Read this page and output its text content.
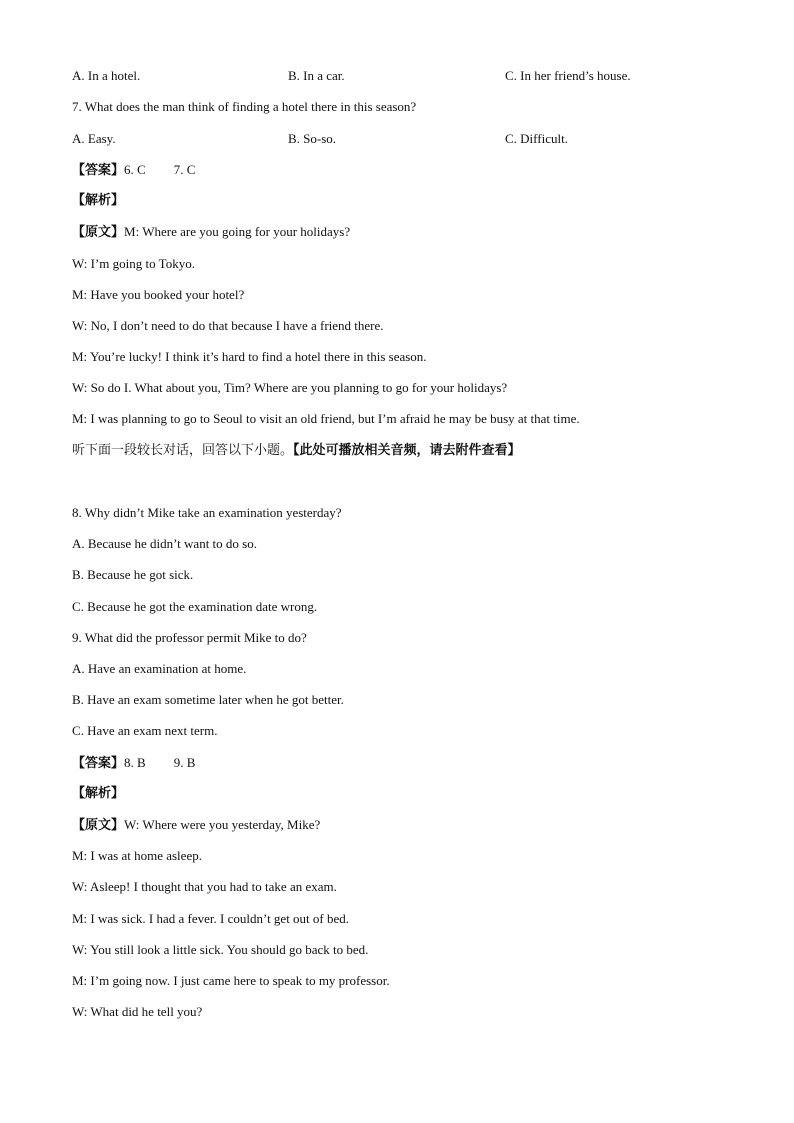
A. In a hotel.	B. In a car.	C. In her friend’s house.
7. What does the man think of finding a hotel there in this season?
A. Easy.	B. So-so.	C. Difficult.
【答案】6. C 7. C
【解析】
【原文】M: Where are you going for your holidays?
W: I’m going to Tokyo.
M: Have you booked your hotel?
W: No, I don’t need to do that because I have a friend there.
M: You’re lucky! I think it’s hard to find a hotel there in this season.
W: So do I. What about you, Tim? Where are you planning to go for your holidays?
M: I was planning to go to Seoul to visit an old friend, but I’m afraid he may be busy at that time.
听下面一段较长对话，回答以下小题。【此处可播放相关音频，请去附件查看】
8. Why didn’t Mike take an examination yesterday?
A. Because he didn’t want to do so.
B. Because he got sick.
C. Because he got the examination date wrong.
9. What did the professor permit Mike to do?
A. Have an examination at home.
B. Have an exam sometime later when he got better.
C. Have an exam next term.
【答案】8. B 9. B
【解析】
【原文】W: Where were you yesterday, Mike?
M: I was at home asleep.
W: Asleep! I thought that you had to take an exam.
M: I was sick. I had a fever. I couldn’t get out of bed.
W: You still look a little sick. You should go back to bed.
M: I’m going now. I just came here to speak to my professor.
W: What did he tell you?
